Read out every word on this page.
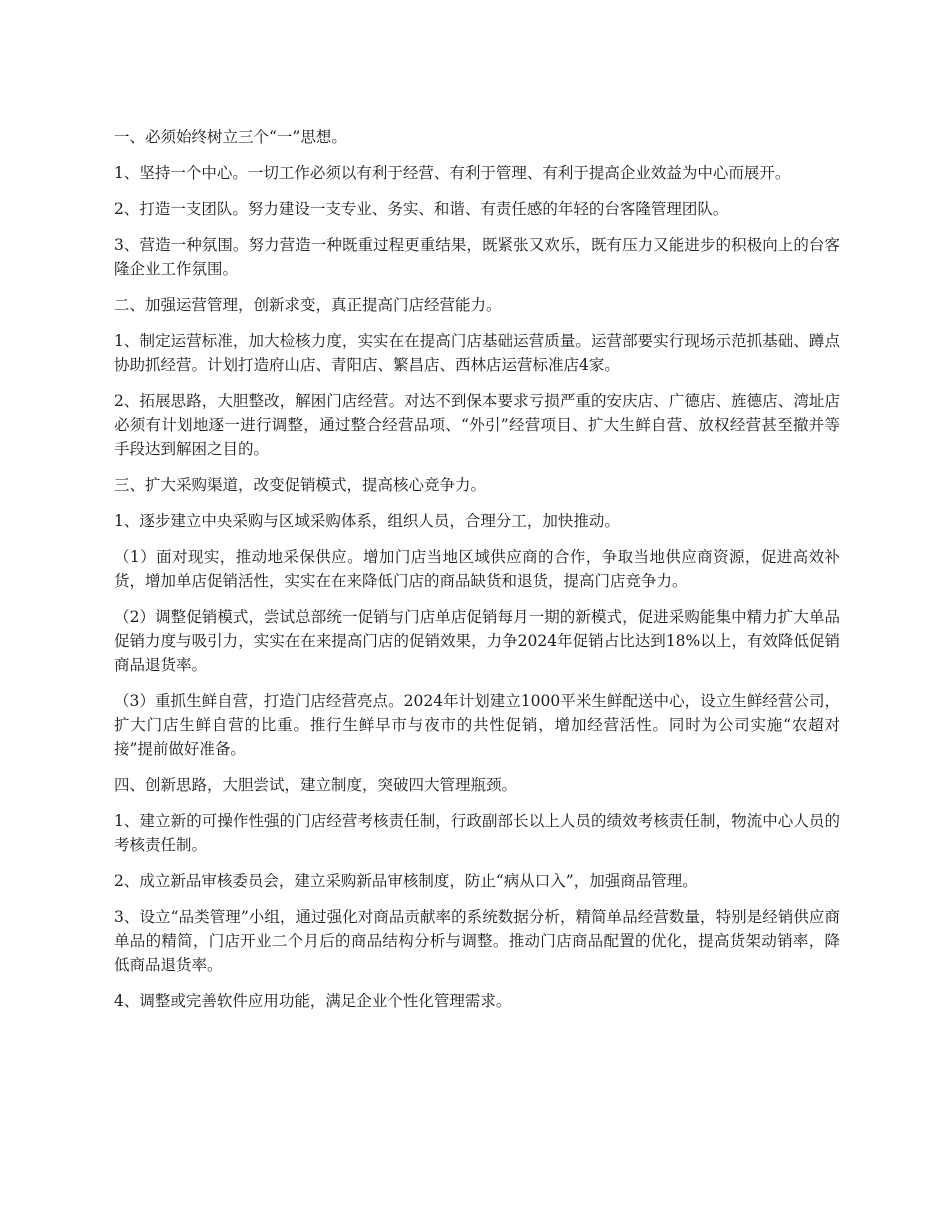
一、必须始终树立三个“一”思想。

1、坚持一个中心。一切工作必须以有利于经营、有利于管理、有利于提高企业效益为中心而展开。

2、打造一支团队。努力建设一支专业、务实、和谐、有责任感的年轻的台客隆管理团队。

3、营造一种氛围。努力营造一种既重过程更重结果，既紧张又欢乐，既有压力又能进步的积极向上的台客隆企业工作氛围。

二、加强运营管理，创新求变，真正提高门店经营能力。

1、制定运营标准，加大检核力度，实实在在提高门店基础运营质量。运营部要实行现场示范抓基础、蹲点协助抓经营。计划打造府山店、青阳店、繁昌店、西林店运营标准店4家。

2、拓展思路，大胆整改，解困门店经营。对达不到保本要求亏损严重的安庆店、广德店、旌德店、湾址店必须有计划地逐一进行调整，通过整合经营品项、“外引”经营项目、扩大生鲜自营、放权经营甚至撤并等手段达到解困之目的。

三、扩大采购渠道，改变促销模式，提高核心竞争力。

1、逐步建立中央采购与区域采购体系，组织人员，合理分工，加快推动。

（1）面对现实，推动地采保供应。增加门店当地区域供应商的合作，争取当地供应商资源，促进高效补货，增加单店促销活性，实实在在来降低门店的商品缺货和退货，提高门店竞争力。

（2）调整促销模式，尝试总部统一促销与门店单店促销每月一期的新模式，促进采购能集中精力扩大单品促销力度与吸引力，实实在在来提高门店的促销效果，力争2024年促销占比达到18%以上，有效降低促销商品退货率。

（3）重抓生鲜自营，打造门店经营亮点。2024年计划建立1000平米生鲜配送中心，设立生鲜经营公司，扩大门店生鲜自营的比重。推行生鲜早市与夜市的共性促销，增加经营活性。同时为公司实施“农超对接”提前做好准备。

四、创新思路，大胆尝试，建立制度，突破四大管理瓶颈。

1、建立新的可操作性强的门店经营考核责任制，行政副部长以上人员的绩效考核责任制，物流中心人员的考核责任制。

2、成立新品审核委员会，建立采购新品审核制度，防止“病从口入”，加强商品管理。

3、设立“品类管理”小组，通过强化对商品贡献率的系统数据分析，精简单品经营数量，特别是经销供应商单品的精简，门店开业二个月后的商品结构分析与调整。推动门店商品配置的优化，提高货架动销率，降低商品退货率。

4、调整或完善软件应用功能，满足企业个性化管理需求。
